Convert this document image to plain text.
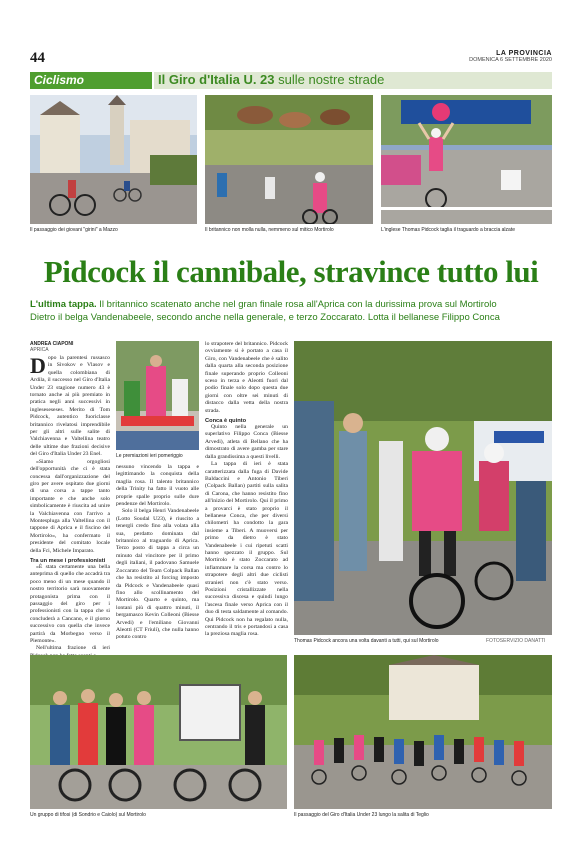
44	LA PROVINCIA
DOMENICA 6 SETTEMBRE 2020
Ciclismo	Il Giro d'Italia U. 23 sulle nostre strade
Il passaggio dei giovani "girini" a Mazzo	Il britannico non molla nulla, nemmeno sul mitico Mortirolo	L'inglese Thomas Pidcock taglia il traguardo a braccia alzate
Pidcock il cannibale, stravince tutto lui
L'ultima tappa. Il britannico scatenato anche nel gran finale rosa all'Aprica con la durissima prova sul Mortirolo
Dietro il belga Vandenabeele, secondo anche nella generale, e terzo Zoccarato. Lotta il bellanese Filippo Conca
ANDREA CIAPONI
APRICA
Dopo la parentesi russasco in Sivokov e Vlasov e quella colombiana di Ardila, il successo nel Giro d'Italia Under 23 stagione numero 43 è tornato anche ai più premiato in pratica negli anni successivi in ingleseseseses. Merito di Tom Pidcock, autentico fuoriclasse britannico rivelatosi imprendibile per gli altri sulle salite di Valchiavenna e Valtellina teatro delle ultime due frazioni decisive del Giro d'Italia Under 23 Enel.

«Siamo orgogliosi dell'opportunità che ci è stata concessa dall'organizzazione del giro per avere ospitato due giorni di una corsa a tappe tanto importante e che anche solo simbolicamente è riuscita ad unire la Valchiavenna con l'arrivo a Montespluga alla Valtellina con il tappone di Aprica e il fiscino del Mortirolo», ha confermato il presidente del comitato locale della Fci, Michele Imparato.

Tra un mese i professionisti

«È stata certamente una bella anteprima di quello che accadrà tra poco meno di un mese quando il nostro territorio sarà nuovamente protagonista prima con il passaggio del giro per i professionisti con la tappa che si concluderà a Cancano, e il giorno successivo con quella che invece partirà da Morbegno verso il Piemonte».

Nell'ultima frazione di ieri

Le premiazioni ieri pomeriggio

nessuno vincendo la tappa e legittimando la conquista della maglia rosa. Il talento britannico della Trinity ha fatto il vuoto alle proprie spalle proprio sulle dure pendenze del Mortirolo.

Solo il belga Henri Vandenabeele (Lotto Soudal U23), è riuscito a tenergli credo fino alla volata alla sua, perdatto dominata dal britannico al traguardo di Aprica. Terzo posto di tappa a circa un minuto dal vincitore per il primo degli italiani, il padovano Samuele Zoccarato del Team Colpack Ballan che ha resistito al forcing imposto da Pidcock e Vandenabeele quasi fino allo scollinamento del Mortirolo. Quarto e quinto, ma lontani più di quattro minuti, il bergamasco Kevin Colleoni (Biesse Arvedi) e l'emiliano Giovanni Aleotti (CT Friuli), che nulla hanno potuto contro

lo strapotere del britannico. Pidcock ovviamente si è portato a casa il Giro, con Vandenabeele che è salito dalla quarta alla seconda posizione finale superando proprio Colleoni sceso in terza e Aleotti fuori dal podio finale solo dopo questa due giorni con oltre sei minuti di distacco dalla vetta della nostra strada.

Conca è quinto

Quinto nella generale un superlativo Filippo Conca (Biesse Arvedi), atleta di Bellano che ha dimostrato di avere gamba per stare dalla grandissima a questi livelli.

La tappa di ieri è stata caratterizzata dalla fuga di Davide Baldaccini e Antonio Tiberi (Colpack Ballan) partiti sulla salita di Carona, che hanno resistito fino all'inizio del Mortirolo. Qui il primo a provarci è stato proprio il bellanese Conca, che per diversi chilometri ha condotto la gara insieme a Tiberi. A muoversi per primo da dietro è stato Vandenabeele i cui ripetuti scatti hanno spezzato il gruppo. Sul Mortirolo è stato Zoccarato ad infiammare la corsa ma contro lo strapotere degli altri due ciclisti stranieri non c'è stato verso. Posizioni cristallizzate nella successiva discesa e quindi lungo l'ascesa finale verso Aprica con il duo di testa saldamente al comando. Qui Pidcock non ha regalato nulla, centrando il tris e portandosi a casa la preziosa maglia rosa.

Thomas Pidcock ancora una volta davanti a tutti, qui sul Mortirolo	FOTOSERVIZIO DANATTI
Un gruppo di tifosi (di Sondrio e Caiolo) sul Mortirolo	Il passaggio del Giro d'Italia Under 23 lungo la salita di Teglio
